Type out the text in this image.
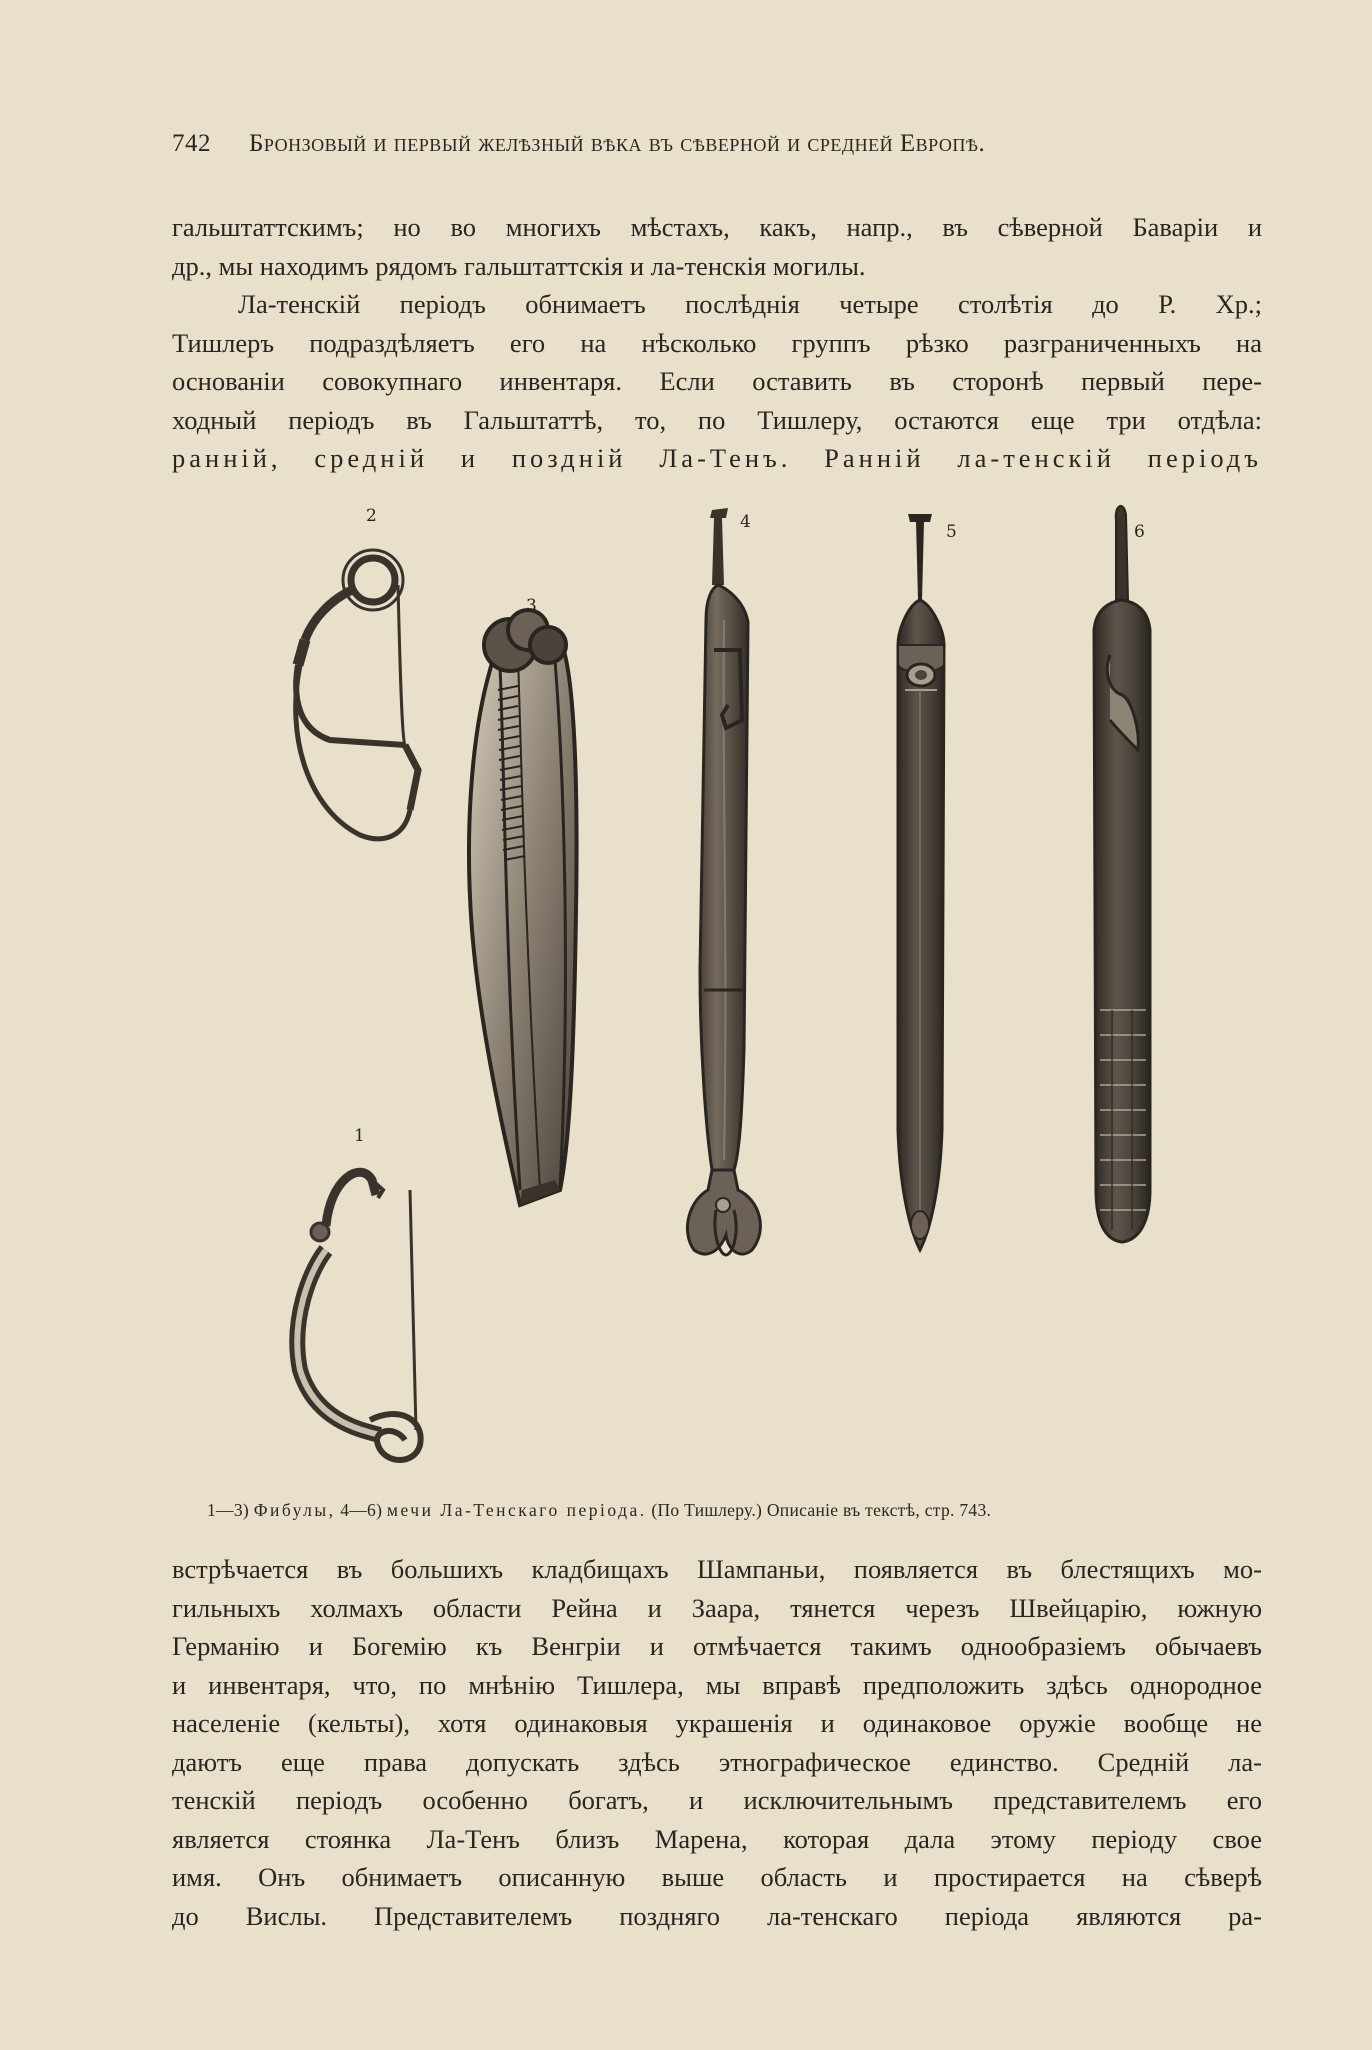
742 Бронзовый и первый желѣзный вѣка въ сѣверной и средней Европѣ.
гальштаттскимъ; но во многихъ мѣстахъ, какъ, напр., въ сѣверной Баваріи и
др., мы находимъ рядомъ гальштаттскія и ла-тенскія могилы.
Ла-тенскій періодъ обнимаетъ послѣднія четыре столѣтія до Р. Хр.;
Тишлеръ подраздѣляетъ его на нѣсколько группъ рѣзко разграниченныхъ на
основаніи совокупнаго инвентаря. Если оставить въ сторонѣ первый пере-
ходный періодъ въ Гальштаттѣ, то, по Тишлеру, остаются еще три отдѣла:
ранній, средній и поздній Ла-Тенъ. Ранній ла-тенскій періодъ
2
3
4	5	6
1
1—3) Фибулы, 4—6) мечи Ла-Тенскаго періода. (По Тишлеру.) Описаніе въ текстѣ, стр. 743.
встрѣчается въ большихъ кладбищахъ Шампаньи, появляется въ блестящихъ мо-
гильныхъ холмахъ области Рейна и Заара, тянется черезъ Швейцарію, южную
Германію и Богемію къ Венгріи и отмѣчается такимъ однообразіемъ обычаевъ
и инвентаря, что, по мнѣнію Тишлера, мы вправѣ предположить здѣсь однородное
населеніе (кельты), хотя одинаковыя украшенія и одинаковое оружіе вообще не
даютъ еще права допускать здѣсь этнографическое единство. Средній ла-
тенскій періодъ особенно богатъ, и исключительнымъ представителемъ его
является стоянка Ла-Тенъ близъ Марена, которая дала этому періоду свое
имя. Онъ обнимаетъ описанную выше область и простирается на сѣверѣ
до Вислы. Представителемъ поздняго ла-тенскаго періода являются ра-
